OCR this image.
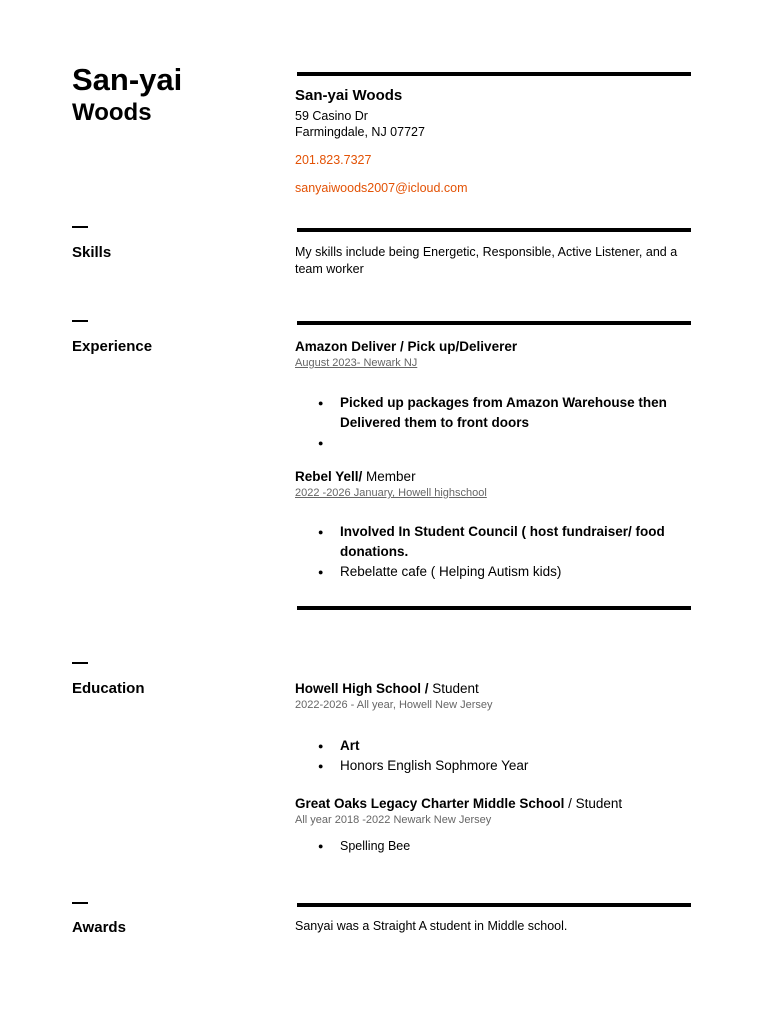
San-yai
Woods
San-yai Woods
59 Casino Dr
Farmingdale, NJ 07727
201.823.7327
sanyaiwoods2007@icloud.com
Skills	My skills include being Energetic, Responsible, Active Listener, and a team worker
Experience	Amazon Deliver / Pick up/Deliverer
August 2023- Newark NJ
● Picked up packages from Amazon Warehouse then Delivered them to front doors
●
Rebel Yell/ Member
2022 -2026 January, Howell highschool
● Involved In Student Council ( host fundraiser/ food donations.
● Rebelatte cafe ( Helping Autism kids)
Education	Howell High School / Student
2022-2026 - All year, Howell New Jersey
● Art
● Honors English Sophmore Year
Great Oaks Legacy Charter Middle School / Student
All year 2018 -2022 Newark New Jersey
● Spelling Bee
Awards	Sanyai was a Straight A student in Middle school.
